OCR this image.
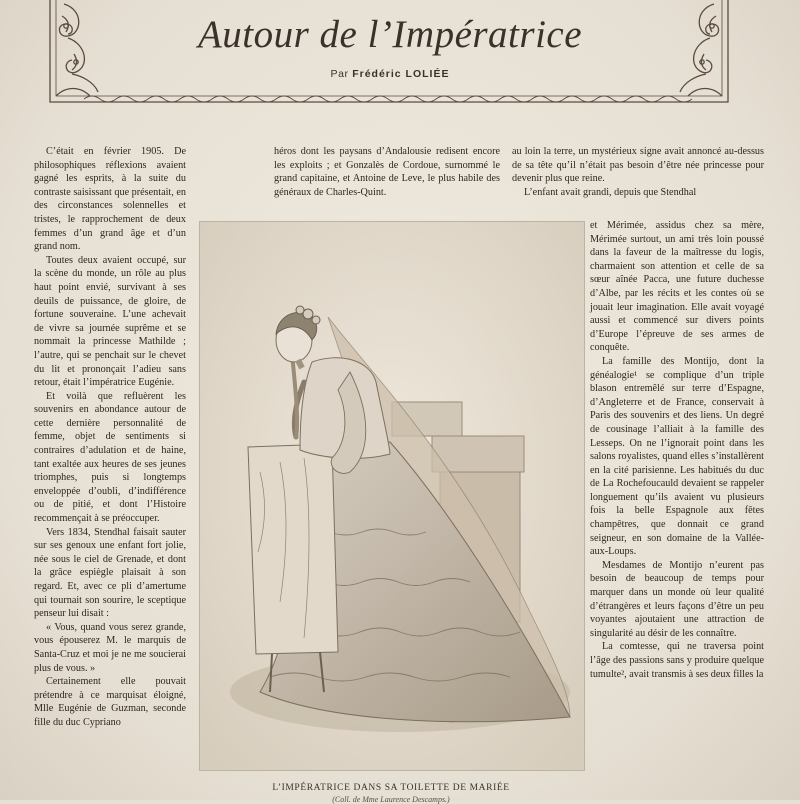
Autour de l’Impératrice
Par Frédéric LOLIÉE

C’était en février 1905. De philosophiques réflexions avaient gagné les esprits, à la suite du contraste saisissant que présentait, en des circonstances solennelles et tristes, le rapprochement de deux femmes d’un grand âge et d’un grand nom.

Toutes deux avaient occupé, sur la scène du monde, un rôle au plus haut point envié, survivant à ses deuils de puissance, de gloire, de fortune souveraine. L’une achevait de vivre sa journée suprême et se nommait la princesse Mathilde ; l’autre, qui se penchait sur le chevet du lit et prononçait l’adieu sans retour, était l’impératrice Eugénie.

Et voilà que refluèrent les souvenirs en abondance autour de cette dernière personnalité de femme, objet de sentiments si contraires d’adulation et de haine, tant exaltée aux heures de ses jeunes triomphes, puis si longtemps enveloppée d’oubli, d’indifférence ou de pitié, et dont l’Histoire recommençait à se préoccuper.

Vers 1834, Stendhal faisait sauter sur ses genoux une enfant fort jolie, née sous le ciel de Grenade, et dont la grâce espiègle plaisait à son regard. Et, avec ce pli d’amertume qui tournait son sourire, le sceptique penseur lui disait :

« Vous, quand vous serez grande, vous épouserez M. le marquis de Santa-Cruz et moi je ne me soucierai plus de vous. »

Certainement elle pouvait prétendre à ce marquisat éloigné, Mlle Eugénie de Guzman, seconde fille du duc Cypriano

héros dont les paysans d’Andalousie redisent encore les exploits ; et Gonzalès de Cordoue, surnommé le grand capitaine, et Antoine de Leve, le plus habile des généraux de Charles-Quint.

au loin la terre, un mystérieux signe avait annoncé au-dessus de sa tête qu’il n’était pas besoin d’être née princesse pour devenir plus que reine.

L’enfant avait grandi, depuis que Stendhal

et Mérimée, assidus chez sa mère, Mérimée surtout, un ami très loin poussé dans la faveur de la maîtresse du logis, charmaient son attention et celle de sa sœur aînée Pacca, une future duchesse d’Albe, par les récits et les contes où se jouait leur imagination. Elle avait voyagé aussi et commencé sur divers points d’Europe l’épreuve de ses armes de conquête.

La famille des Montijo, dont la généalogie¹ se complique d’un triple blason entremêlé sur terre d’Espagne, d’Angleterre et de France, conservait à Paris des souvenirs et des liens. Un degré de cousinage l’alliait à la famille des Lesseps. On ne l’ignorait point dans les salons royalistes, quand elles s’installèrent en la cité parisienne. Les habitués du duc de La Rochefoucauld devaient se rappeler longuement qu’ils avaient vu plusieurs fois la belle Espagnole aux fêtes champêtres, que donnait ce grand seigneur, en son domaine de la Vallée-aux-Loups.

Mesdames de Montijo n’eurent pas besoin de beaucoup de temps pour marquer dans un monde où leur qualité d’étrangères et leurs façons d’être un peu voyantes ajoutaient une attraction de singularité au désir de les connaître.

La comtesse, qui ne traversa point l’âge des passions sans y produire quelque tumulte², avait transmis à ses deux filles la

L’IMPÉRATRICE DANS SA TOILETTE DE MARIÉE
(Coll. de Mme Laurence Descamps.)
